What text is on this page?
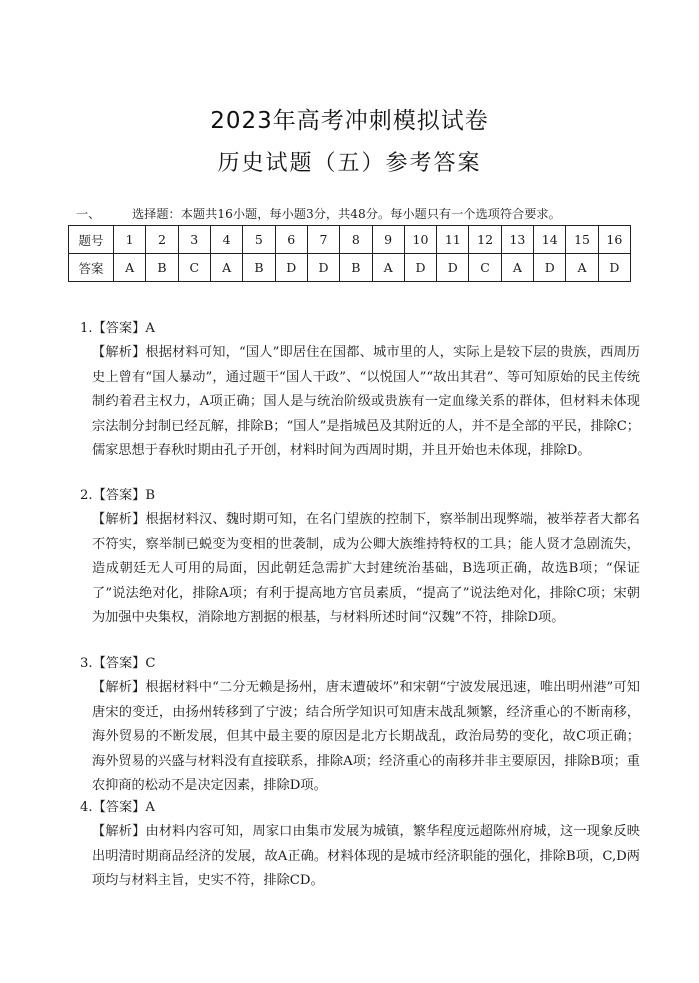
2023年高考冲刺模拟试卷
历史试题（五）参考答案
一、	选择题：本题共16小题，每小题3分，共48分。每小题只有一个选项符合要求。
题号	1	2	3	4	5	6	7	8	9	10	11	12	13	14	15	16
答案	A	B	C	A	B	D	D	B	A	D	D	C	A	D	A	D
1.【答案】A
【解析】根据材料可知，“国人”即居住在国都、城市里的人，实际上是较下层的贵族，西周历史上曾有“国人暴动”，通过题干“国人干政”、“以悦国人”“故出其君”、等可知原始的民主传统制约着君主权力，A项正确；国人是与统治阶级或贵族有一定血缘关系的群体，但材料未体现宗法制分封制已经瓦解，排除B；“国人”是指城邑及其附近的人，并不是全部的平民，排除C；儒家思想于春秋时期由孔子开创，材料时间为西周时期，并且开始也未体现，排除D。
2.【答案】B
【解析】根据材料汉、魏时期可知，在名门望族的控制下，察举制出现弊端，被举荐者大都名不符实，察举制已蜕变为变相的世袭制，成为公卿大族维持特权的工具；能人贤才急剧流失，造成朝廷无人可用的局面，因此朝廷急需扩大封建统治基础，B选项正确，故选B项；“保证了”说法绝对化，排除A项；有利于提高地方官员素质，“提高了”说法绝对化，排除C项；宋朝为加强中央集权，消除地方割据的根基，与材料所述时间“汉魏”不符，排除D项。
3.【答案】C
【解析】根据材料中“二分无赖是扬州，唐末遭破坏”和宋朝“宁波发展迅速，唯出明州港”可知唐宋的变迁，由扬州转移到了宁波；结合所学知识可知唐末战乱频繁，经济重心的不断南移，海外贸易的不断发展，但其中最主要的原因是北方长期战乱，政治局势的变化，故C项正确；海外贸易的兴盛与材料没有直接联系，排除A项；经济重心的南移并非主要原因，排除B项；重农抑商的松动不是决定因素，排除D项。
4.【答案】A
【解析】由材料内容可知，周家口由集市发展为城镇，繁华程度远超陈州府城，这一现象反映出明清时期商品经济的发展，故A正确。材料体现的是城市经济职能的强化，排除B项，C,D两项均与材料主旨，史实不符，排除CD。
